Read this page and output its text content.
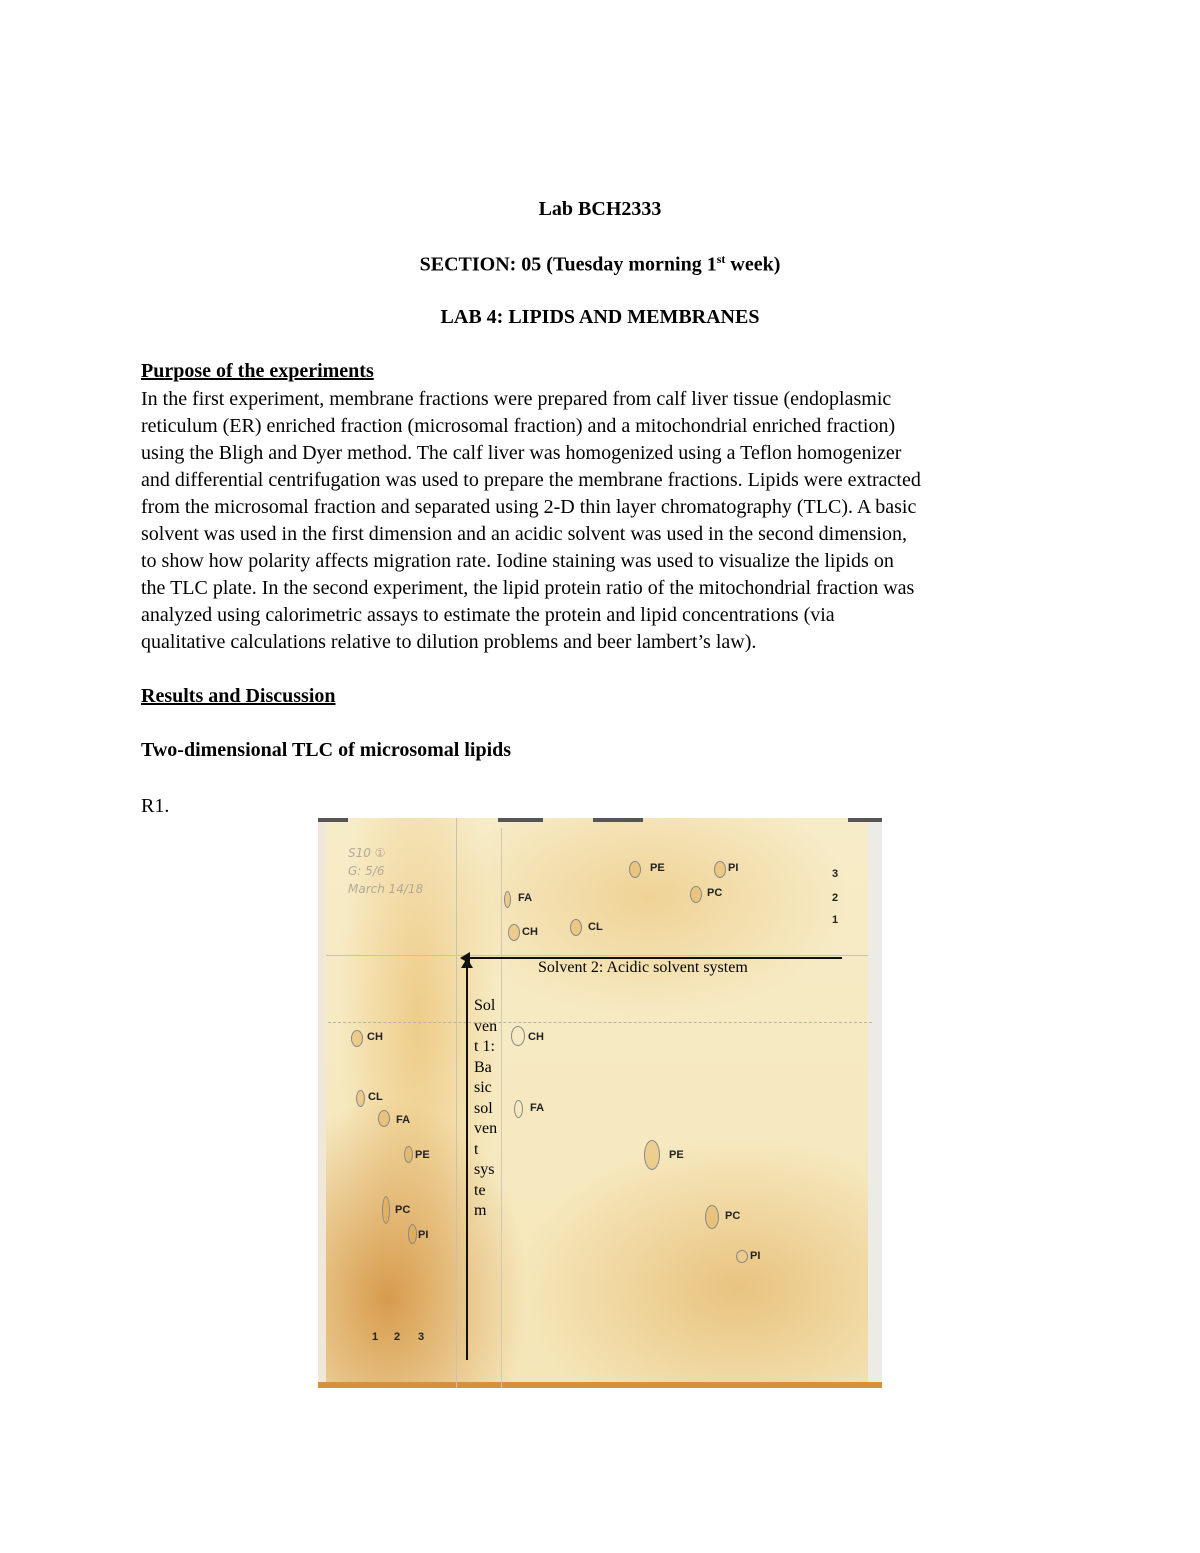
Lab BCH2333
SECTION: 05 (Tuesday morning 1st week)
LAB 4: LIPIDS AND MEMBRANES
Purpose of the experiments
In the first experiment, membrane fractions were prepared from calf liver tissue (endoplasmic
reticulum (ER) enriched fraction (microsomal fraction) and a mitochondrial enriched fraction)
using the Bligh and Dyer method. The calf liver was homogenized using a Teflon homogenizer
and differential centrifugation was used to prepare the membrane fractions. Lipids were extracted
from the microsomal fraction and separated using 2-D thin layer chromatography (TLC). A basic
solvent was used in the first dimension and an acidic solvent was used in the second dimension,
to show how polarity affects migration rate. Iodine staining was used to visualize the lipids on
the TLC plate. In the second experiment, the lipid protein ratio of the mitochondrial fraction was
analyzed using calorimetric assays to estimate the protein and lipid concentrations (via
qualitative calculations relative to dilution problems and beer lambert’s law).
Results and Discussion
Two-dimensional TLC of microsomal lipids
R1.
S10 ①
G: 5/6
March 14/18
Solvent 2: Acidic solvent system
Sol
ven
t 1:
Ba
sic
sol
ven
t
sys
te
m
PE	PI
PC
FA
CH	CL
3
2
1
CH
CL
FA
PE
PC
PI
1 2 3
CH
FA
PE
PC
PI
